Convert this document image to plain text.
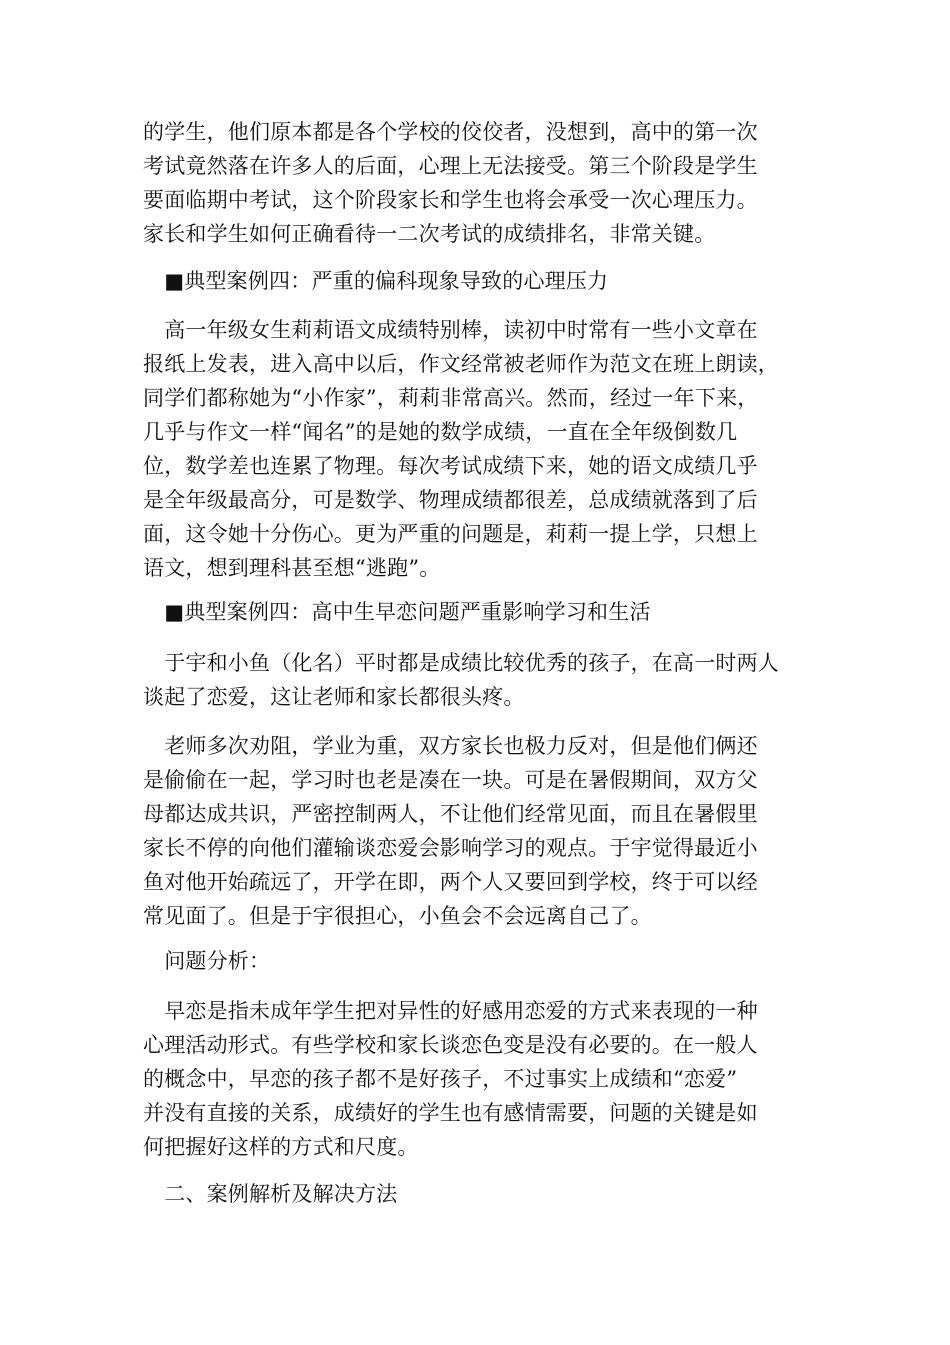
的学生，他们原本都是各个学校的佼佼者，没想到，高中的第一次
考试竟然落在许多人的后面，心理上无法接受。第三个阶段是学生
要面临期中考试，这个阶段家长和学生也将会承受一次心理压力。
家长和学生如何正确看待一二次考试的成绩排名，非常关键。

　■典型案例四：严重的偏科现象导致的心理压力

　高一年级女生莉莉语文成绩特别棒，读初中时常有一些小文章在
报纸上发表，进入高中以后，作文经常被老师作为范文在班上朗读，
同学们都称她为“小作家”，莉莉非常高兴。然而，经过一年下来，
几乎与作文一样“闻名”的是她的数学成绩，一直在全年级倒数几
位，数学差也连累了物理。每次考试成绩下来，她的语文成绩几乎
是全年级最高分，可是数学、物理成绩都很差，总成绩就落到了后
面，这令她十分伤心。更为严重的问题是，莉莉一提上学，只想上
语文，想到理科甚至想“逃跑”。

　■典型案例四：高中生早恋问题严重影响学习和生活

　于宇和小鱼（化名）平时都是成绩比较优秀的孩子，在高一时两人
谈起了恋爱，这让老师和家长都很头疼。

　老师多次劝阻，学业为重，双方家长也极力反对，但是他们俩还
是偷偷在一起，学习时也老是凑在一块。可是在暑假期间，双方父
母都达成共识，严密控制两人，不让他们经常见面，而且在暑假里
家长不停的向他们灌输谈恋爱会影响学习的观点。于宇觉得最近小
鱼对他开始疏远了，开学在即，两个人又要回到学校，终于可以经
常见面了。但是于宇很担心，小鱼会不会远离自己了。

　问题分析：

　早恋是指未成年学生把对异性的好感用恋爱的方式来表现的一种
心理活动形式。有些学校和家长谈恋色变是没有必要的。在一般人
的概念中，早恋的孩子都不是好孩子，不过事实上成绩和“恋爱”
并没有直接的关系，成绩好的学生也有感情需要，问题的关键是如
何把握好这样的方式和尺度。

　二、案例解析及解决方法
